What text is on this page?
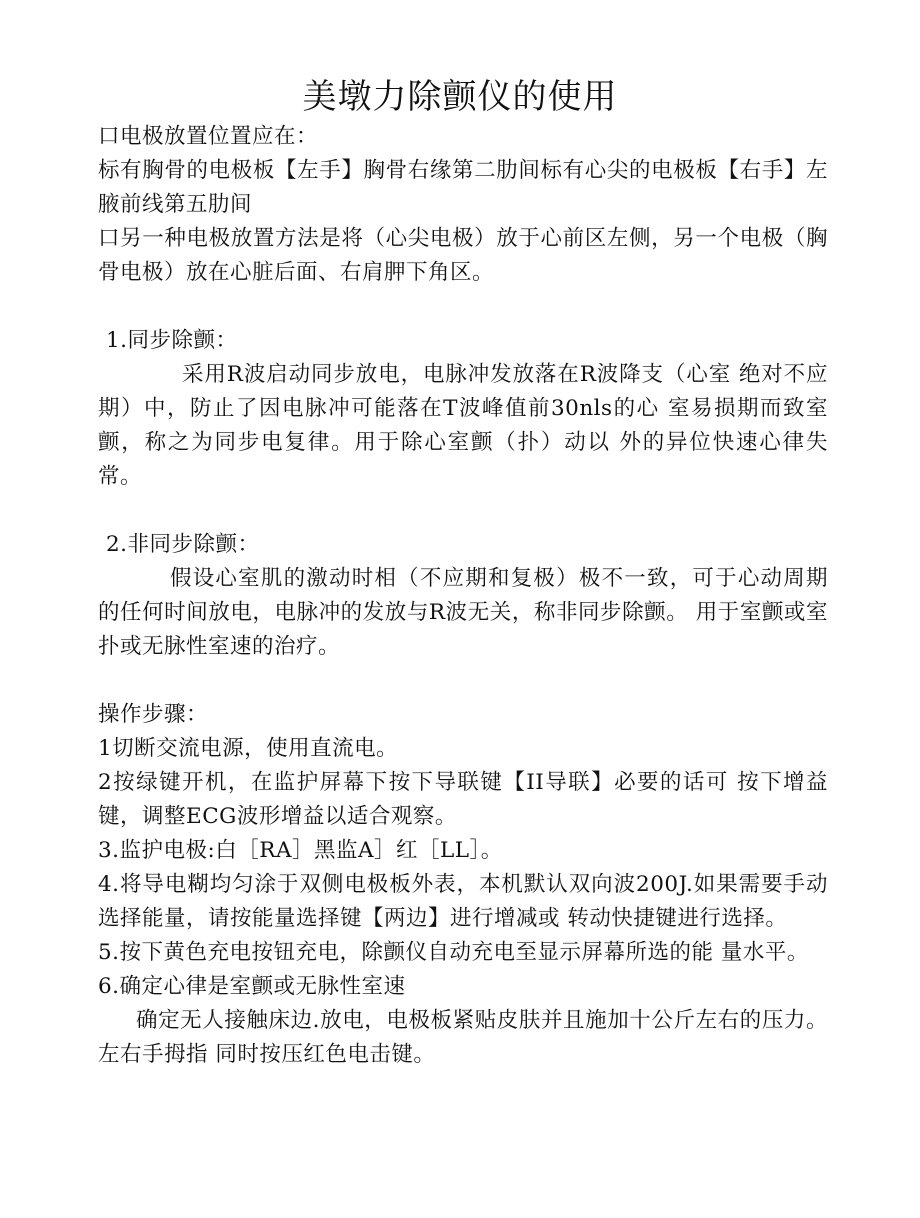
美墩力除颤仪的使用

口电极放置位置应在：

标有胸骨的电极板【左手】胸骨右缘第二肋间标有心尖的电极板【右手】左腋前线第五肋间

口另一种电极放置方法是将（心尖电极）放于心前区左侧，另一个电极（胸骨电极）放在心脏后面、右肩胛下角区。

1.同步除颤：

采用R波启动同步放电，电脉冲发放落在R波降支（心室 绝对不应期）中，防止了因电脉冲可能落在T波峰值前30nls的心 室易损期而致室颤，称之为同步电复律。用于除心室颤（扑）动以 外的异位快速心律失常。

2.非同步除颤：

假设心室肌的激动时相（不应期和复极）极不一致，可于心动周期的任何时间放电，电脉冲的发放与R波无关，称非同步除颤。 用于室颤或室扑或无脉性室速的治疗。

操作步骤：

1切断交流电源，使用直流电。

2按绿键开机，在监护屏幕下按下导联键【II导联】必要的话可 按下增益键，调整ECG波形增益以适合观察。

3.监护电极:白［RA］黑监A］红［LL］。

4.将导电糊均匀涂于双侧电极板外表，本机默认双向波200J.如果需要手动选择能量，请按能量选择键【两边】进行增减或 转动快捷键进行选择。

5.按下黄色充电按钮充电，除颤仪自动充电至显示屏幕所选的能 量水平。

6.确定心律是室颤或无脉性室速

确定无人接触床边.放电，电极板紧贴皮肤并且施加十公斤左右的压力。左右手拇指 同时按压红色电击键。
